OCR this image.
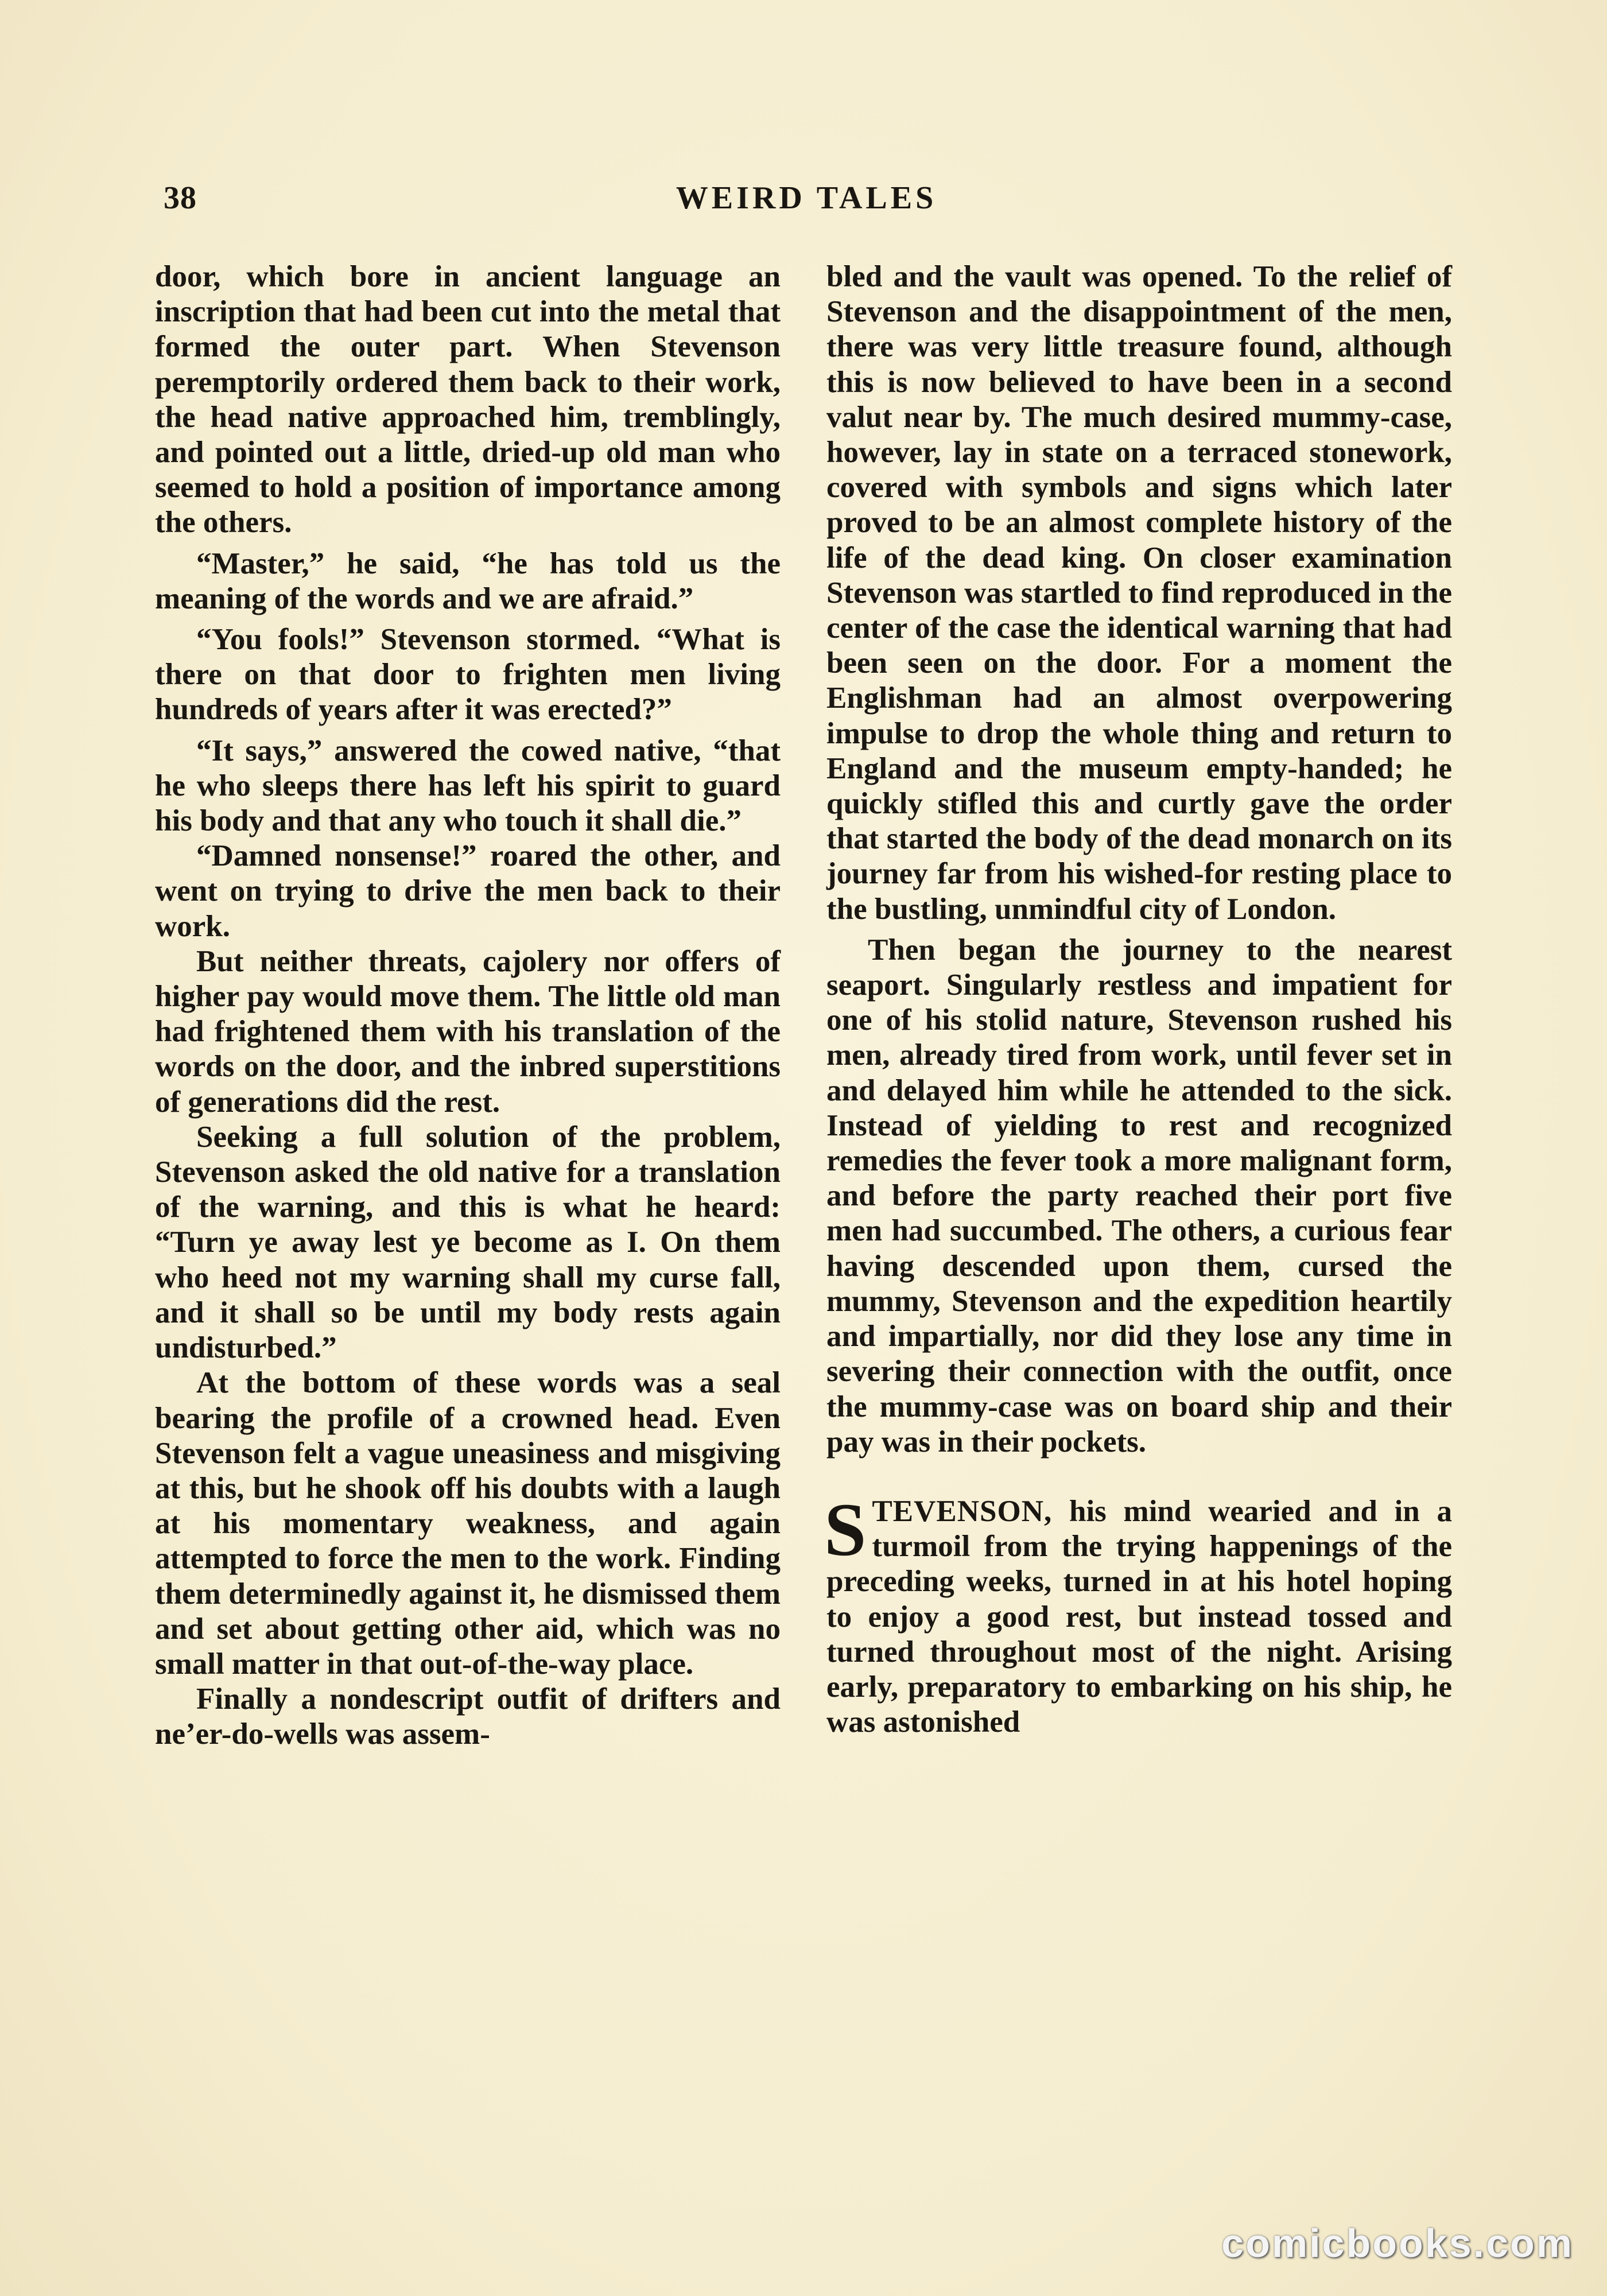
38	WEIRD TALES

door, which bore in ancient language an inscription that had been cut into the metal that formed the outer part. When Stevenson peremptorily ordered them back to their work, the head native approached him, tremblingly, and pointed out a little, dried-up old man who seemed to hold a position of importance among the others.

“Master,” he said, “he has told us the meaning of the words and we are afraid.”

“You fools!” Stevenson stormed. “What is there on that door to frighten men living hundreds of years after it was erected?”

“It says,” answered the cowed native, “that he who sleeps there has left his spirit to guard his body and that any who touch it shall die.”

“Damned nonsense!” roared the other, and went on trying to drive the men back to their work.

But neither threats, cajolery nor offers of higher pay would move them. The little old man had frightened them with his translation of the words on the door, and the inbred superstitions of generations did the rest.

Seeking a full solution of the problem, Stevenson asked the old native for a translation of the warning, and this is what he heard: “Turn ye away lest ye become as I. On them who heed not my warning shall my curse fall, and it shall so be until my body rests again undisturbed.”

At the bottom of these words was a seal bearing the profile of a crowned head. Even Stevenson felt a vague uneasiness and misgiving at this, but he shook off his doubts with a laugh at his momentary weakness, and again attempted to force the men to the work. Finding them determinedly against it, he dismissed them and set about getting other aid, which was no small matter in that out-of-the-way place.

Finally a nondescript outfit of drifters and ne’er-do-wells was assem-

bled and the vault was opened. To the relief of Stevenson and the disappointment of the men, there was very little treasure found, although this is now believed to have been in a second valut near by. The much desired mummy-case, however, lay in state on a terraced stonework, covered with symbols and signs which later proved to be an almost complete history of the life of the dead king. On closer examination Stevenson was startled to find reproduced in the center of the case the identical warning that had been seen on the door. For a moment the Englishman had an almost overpowering impulse to drop the whole thing and return to England and the museum empty-handed; he quickly stifled this and curtly gave the order that started the body of the dead monarch on its journey far from his wished-for resting place to the bustling, unmindful city of London.

Then began the journey to the nearest seaport. Singularly restless and impatient for one of his stolid nature, Stevenson rushed his men, already tired from work, until fever set in and delayed him while he attended to the sick. Instead of yielding to rest and recognized remedies the fever took a more malignant form, and before the party reached their port five men had succumbed. The others, a curious fear having descended upon them, cursed the mummy, Stevenson and the expedition heartily and impartially, nor did they lose any time in severing their connection with the outfit, once the mummy-case was on board ship and their pay was in their pockets.

STEVENSON, his mind wearied and in a turmoil from the trying happenings of the preceding weeks, turned in at his hotel hoping to enjoy a good rest, but instead tossed and turned throughout most of the night. Arising early, preparatory to embarking on his ship, he was astonished

comicbooks.com
